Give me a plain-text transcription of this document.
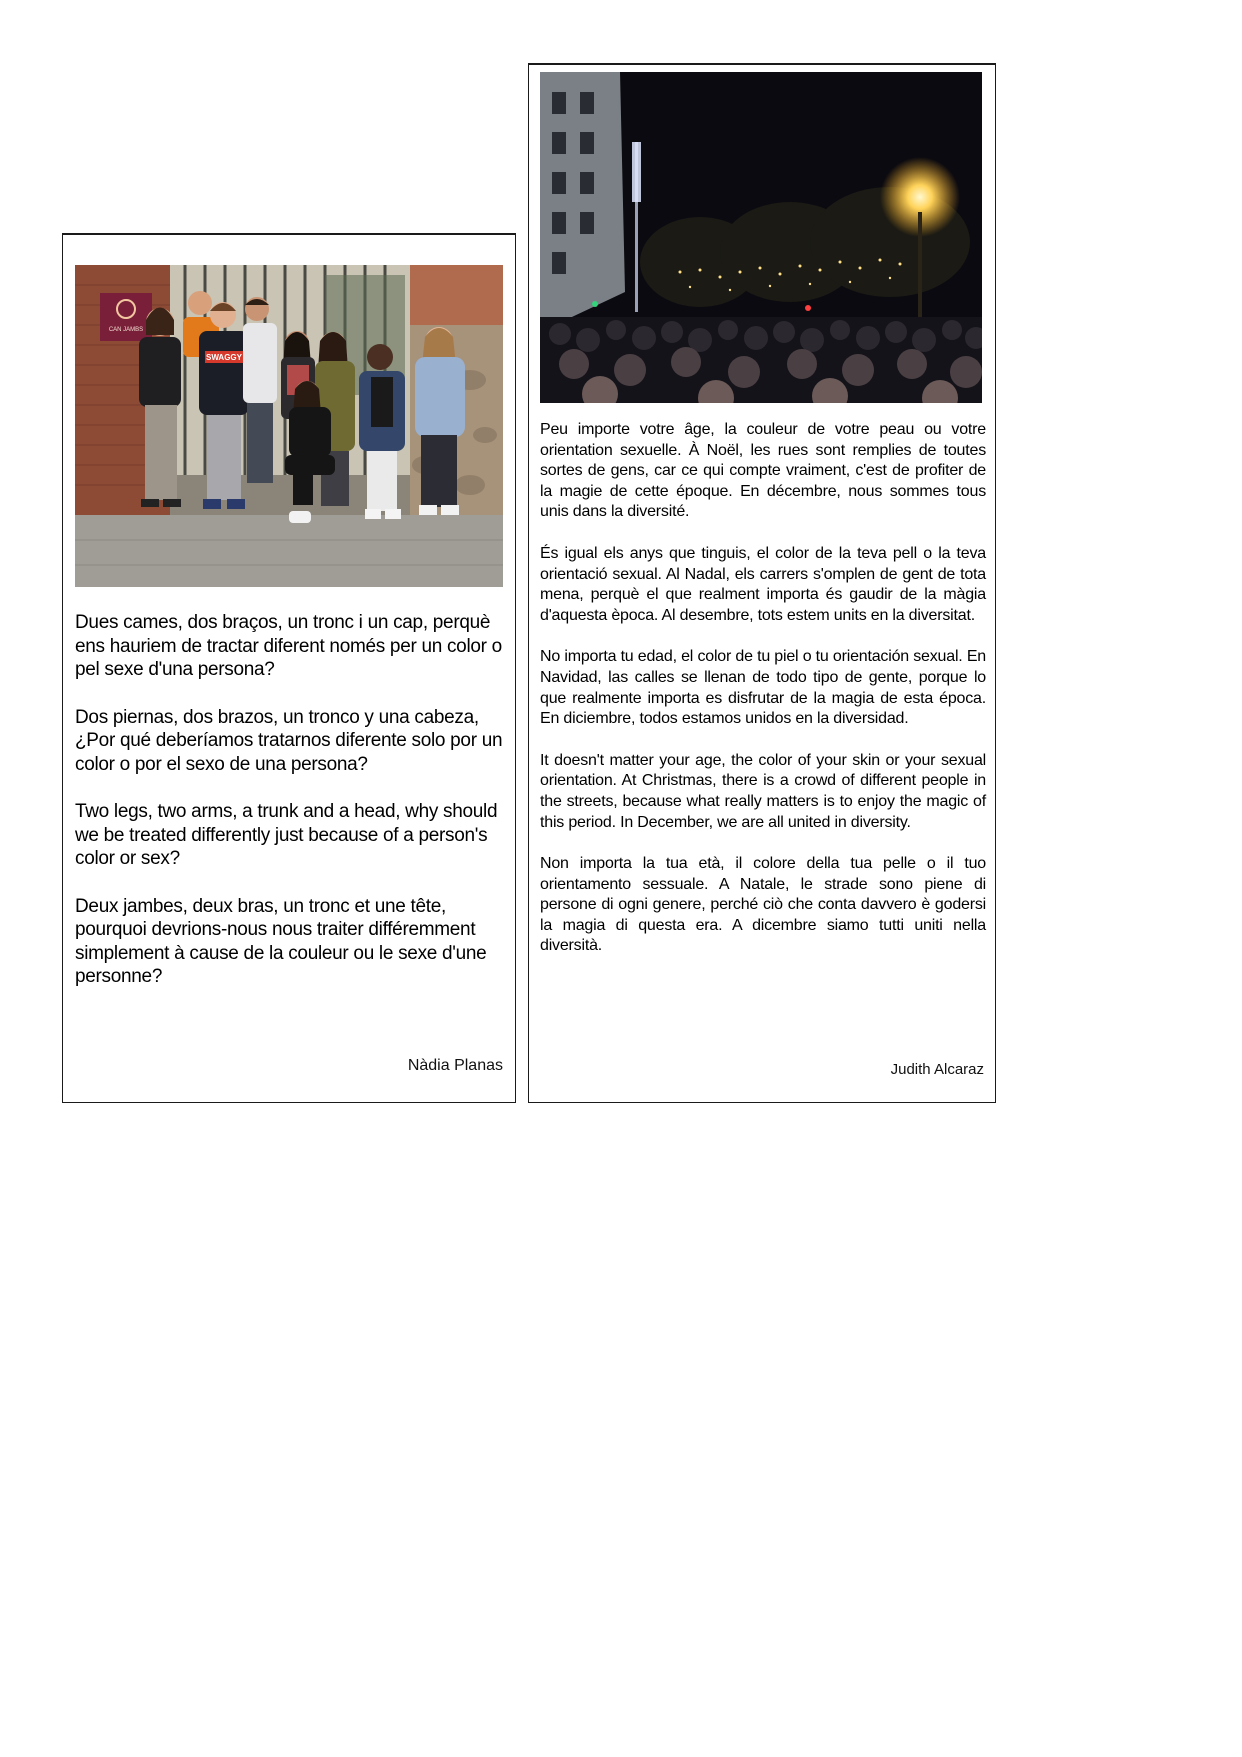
CAN JAMBS
SWAGGY

Dues cames, dos braços, un tronc i un cap, perquè ens hauriem de tractar diferent només per un color o pel sexe d'una persona?

Dos piernas, dos brazos, un tronco y una cabeza, ¿Por qué deberíamos tratarnos diferente solo por un color o por el sexo de una persona?

Two legs, two arms, a trunk and a head, why should we be treated differently just because of a person's color or sex?

Deux jambes, deux bras, un tronc et une tête, pourquoi devrions-nous nous traiter différemment simplement à cause de la couleur ou le sexe d'une personne?

Nàdia Planas

Peu importe votre âge, la couleur de votre peau ou votre orientation sexuelle. À Noël, les rues sont remplies de toutes sortes de gens, car ce qui compte vraiment, c'est de profiter de la magie de cette époque. En décembre, nous sommes tous unis dans la diversité.

És igual els anys que tinguis, el color de la teva pell o la teva orientació sexual. Al Nadal, els carrers s'omplen de gent de tota mena, perquè el que realment importa és gaudir de la màgia d'aquesta època. Al desembre, tots estem units en la diversitat.

No importa tu edad, el color de tu piel o tu orientación sexual. En Navidad, las calles se llenan de todo tipo de gente, porque lo que realmente importa es disfrutar de la magia de esta época. En diciembre, todos estamos unidos en la diversidad.

It doesn't matter your age, the color of your skin or your sexual orientation. At Christmas, there is a crowd of different people in the streets, because what really matters is to enjoy the magic of this period. In December, we are all united in diversity.

Non importa la tua età, il colore della tua pelle o il tuo orientamento sessuale. A Natale, le strade sono piene di persone di ogni genere, perché ciò che conta davvero è godersi la magia di questa era. A dicembre siamo tutti uniti nella diversità.

Judith Alcaraz
